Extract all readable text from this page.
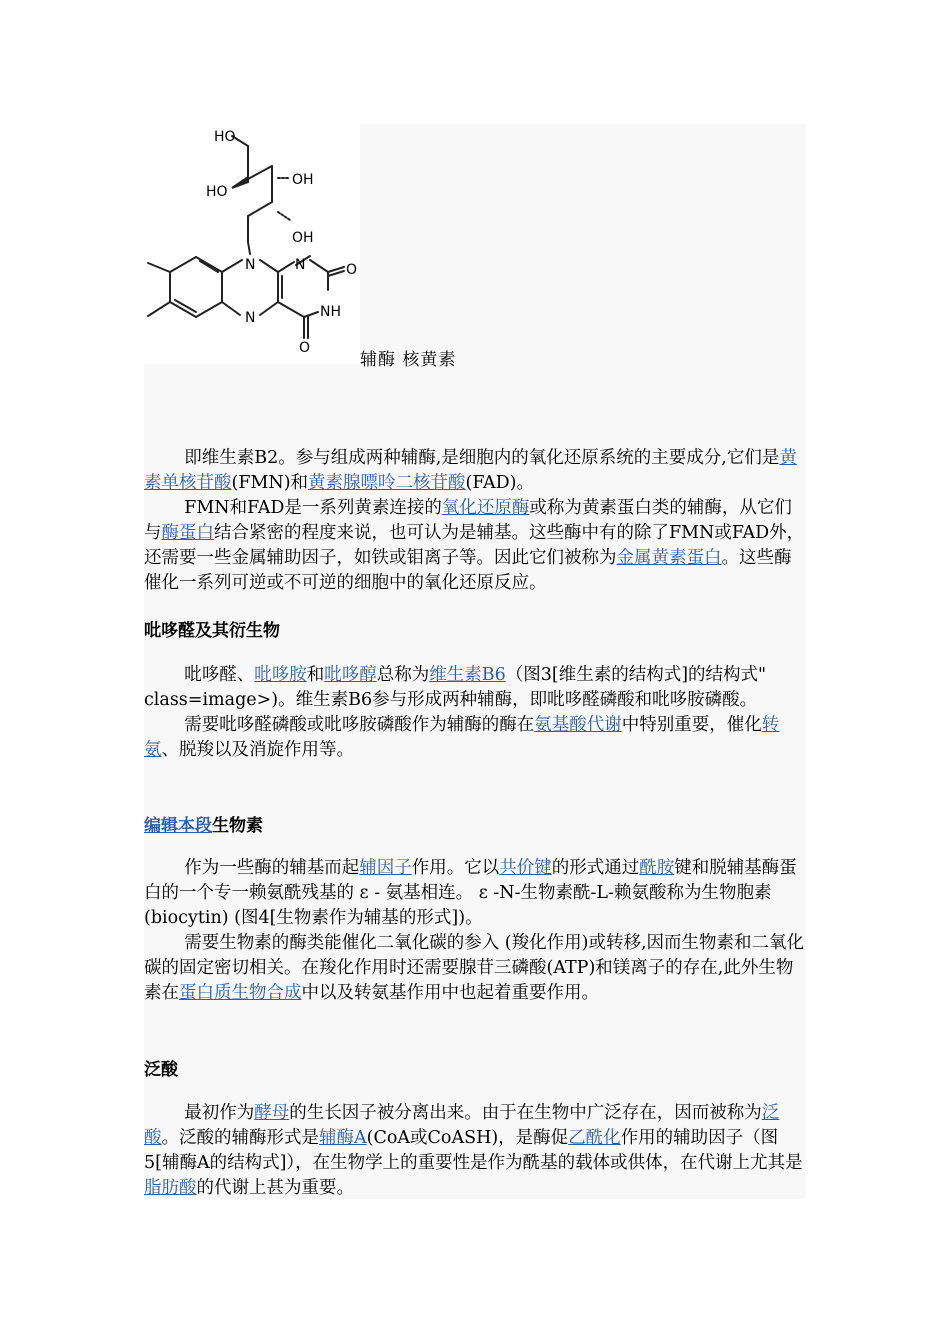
HO
HO
OH
OH
N	N	O
NH
N
O
辅酶 核黄素

即维生素B2。参与组成两种辅酶,是细胞内的氧化还原系统的主要成分,它们是黄素单核苷酸(FMN)和黄素腺嘌呤二核苷酸(FAD)。

FMN和FAD是一系列黄素连接的氧化还原酶或称为黄素蛋白类的辅酶，从它们与酶蛋白结合紧密的程度来说，也可认为是辅基。这些酶中有的除了FMN或FAD外，还需要一些金属辅助因子，如铁或钼离子等。因此它们被称为金属黄素蛋白。这些酶催化一系列可逆或不可逆的细胞中的氧化还原反应。

吡哆醛及其衍生物

吡哆醛、吡哆胺和吡哆醇总称为维生素B6（图3[维生素的结构式]的结构式" class=image>)。维生素B6参与形成两种辅酶，即吡哆醛磷酸和吡哆胺磷酸。

需要吡哆醛磷酸或吡哆胺磷酸作为辅酶的酶在氨基酸代谢中特别重要，催化转氨、脱羧以及消旋作用等。

编辑本段生物素

作为一些酶的辅基而起辅因子作用。它以共价键的形式通过酰胺键和脱辅基酶蛋白的一个专一赖氨酰残基的 ε - 氨基相连。 ε -N-生物素酰-L-赖氨酸称为生物胞素(biocytin) (图4[生物素作为辅基的形式])。

需要生物素的酶类能催化二氧化碳的参入 (羧化作用)或转移,因而生物素和二氧化碳的固定密切相关。在羧化作用时还需要腺苷三磷酸(ATP)和镁离子的存在,此外生物素在蛋白质生物合成中以及转氨基作用中也起着重要作用。

泛酸

最初作为酵母的生长因子被分离出来。由于在生物中广泛存在，因而被称为泛酸。泛酸的辅酶形式是辅酶A(CoA或CoASH)，是酶促乙酰化作用的辅助因子（图5[辅酶A的结构式]），在生物学上的重要性是作为酰基的载体或供体，在代谢上尤其是脂肪酸的代谢上甚为重要。
